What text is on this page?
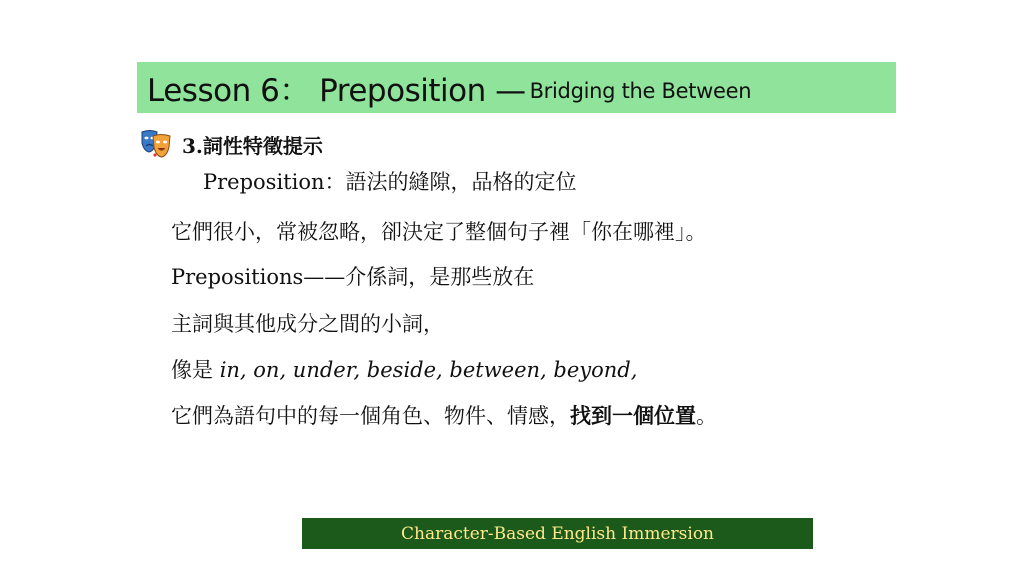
Lesson 6： Preposition — Bridging the Between
3.詞性特徵提示
Preposition：語法的縫隙，品格的定位
它們很小，常被忽略，卻決定了整個句子裡「你在哪裡」。
Prepositions——介係詞，是那些放在
主詞與其他成分之間的小詞，
像是 in, on, under, beside, between, beyond,
它們為語句中的每一個角色、物件、情感，找到一個位置。
Character-Based English Immersion
